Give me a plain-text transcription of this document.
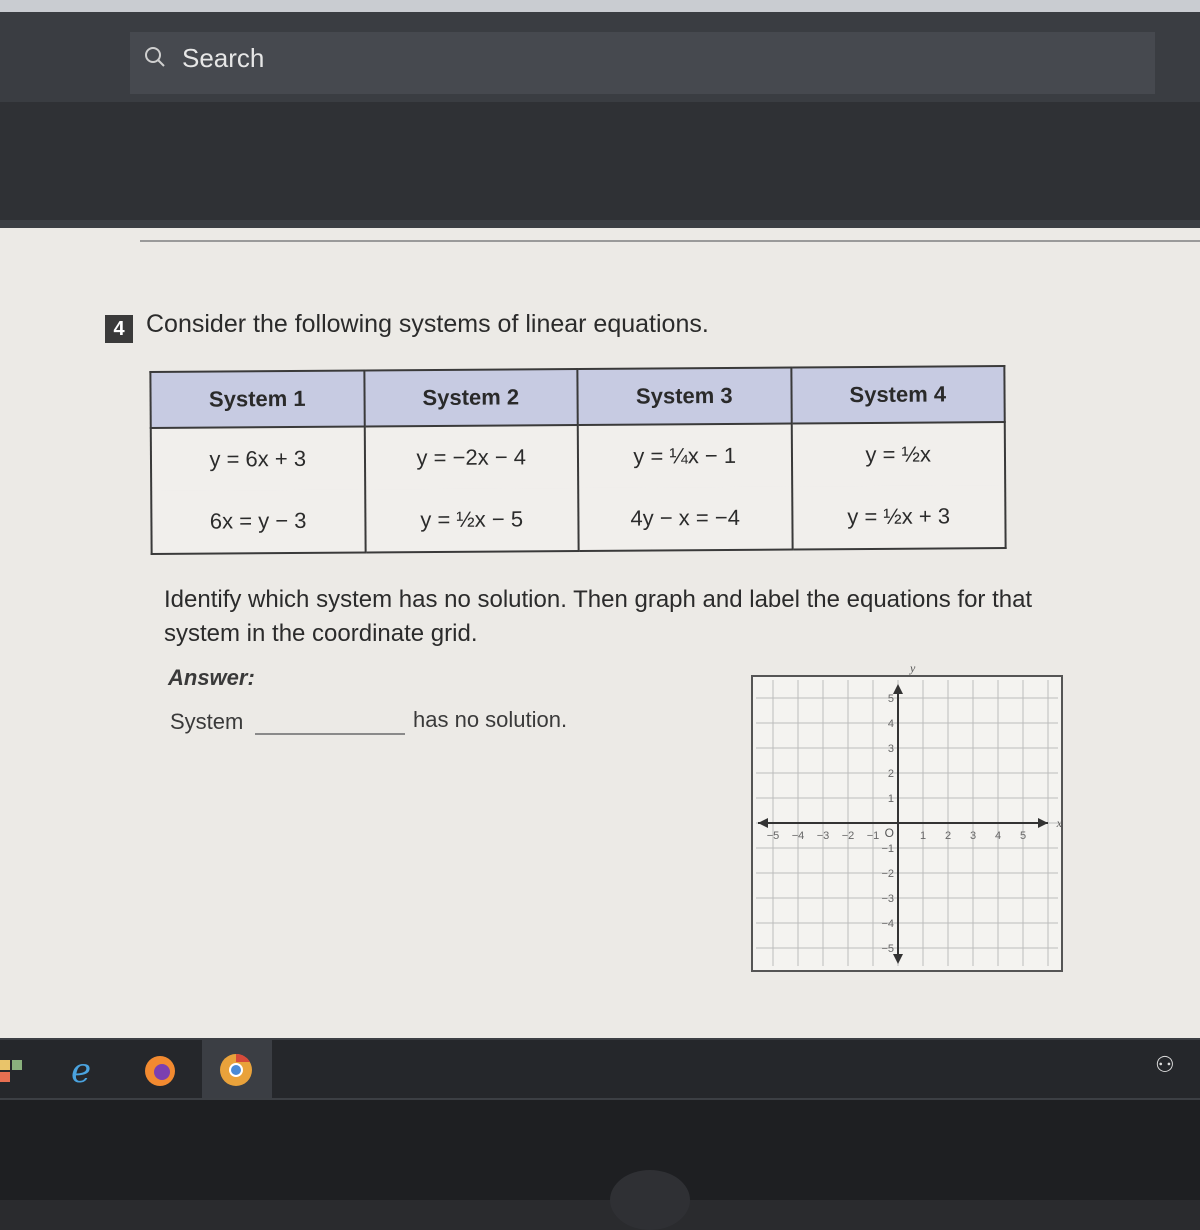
Search
4 Consider the following systems of linear equations.
System 1	System 2	System 3	System 4
y = 6x + 3	y = −2x − 4	y = ¼x − 1	y = ½x
6x = y − 3	y = ½x − 5	4y − x = −4	y = ½x + 3
Identify which system has no solution. Then graph and label the equations for that system in the coordinate grid.
Answer:
System	has no solution.
−5 −4 −3 −2 −1	1 2 3 4 5
5
4
3
2
1
−1
−2
−3
−4
−5
O
x
y
e	⚇
